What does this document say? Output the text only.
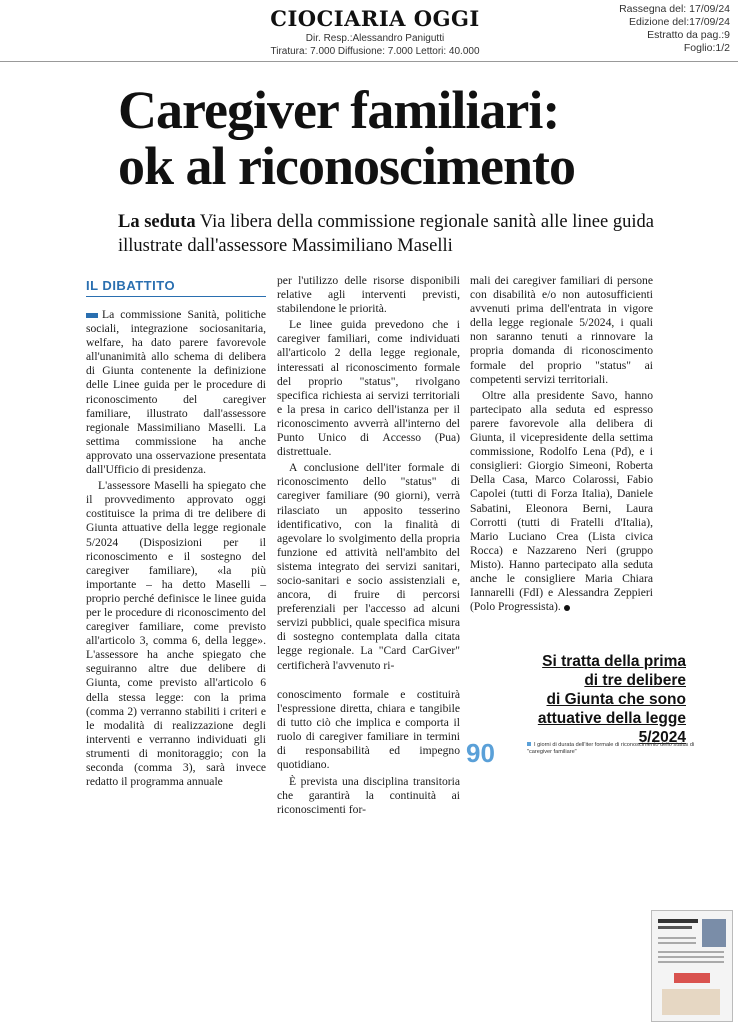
CIOCIARIA OGGI
Dir. Resp.:Alessandro Panigutti
Tiratura: 7.000 Diffusione: 7.000 Lettori: 40.000
Rassegna del: 17/09/24
Edizione del:17/09/24
Estratto da pag.:9
Foglio:1/2
Caregiver familiari:
ok al riconoscimento
La seduta Via libera della commissione regionale sanità alle linee guida illustrate dall'assessore Massimiliano Maselli
IL DIBATTITO

La commissione Sanità, politiche sociali, integrazione sociosanitaria, welfare, ha dato parere favorevole all'unanimità allo schema di delibera di Giunta contenente la definizione delle Linee guida per le procedure di riconoscimento del caregiver familiare, illustrato dall'assessore regionale Massimiliano Maselli. La settima commissione ha anche approvato una osservazione presentata dall'Ufficio di presidenza.

L'assessore Maselli ha spiegato che il provvedimento approvato oggi costituisce la prima di tre delibere di Giunta attuative della legge regionale 5/2024 (Disposizioni per il riconoscimento e il sostegno del caregiver familiare), «la più importante – ha detto Maselli – proprio perché definisce le linee guida per le procedure di riconoscimento del caregiver familiare, come previsto all'articolo 3, comma 6, della legge». L'assessore ha anche spiegato che seguiranno altre due delibere di Giunta, come previsto all'articolo 6 della stessa legge: con la prima (comma 2) verranno stabiliti i criteri e le modalità di realizzazione degli interventi e verranno individuati gli strumenti di monitoraggio; con la seconda (comma 3), sarà invece redatto il programma annuale

per l'utilizzo delle risorse disponibili relative agli interventi previsti, stabilendone le priorità.

Le linee guida prevedono che i caregiver familiari, come individuati all'articolo 2 della legge regionale, interessati al riconoscimento formale del proprio "status", rivolgano specifica richiesta ai servizi territoriali e la presa in carico dell'istanza per il riconoscimento avverrà all'interno del Punto Unico di Accesso (Pua) distrettuale.

A conclusione dell'iter formale di riconoscimento dello "status" di caregiver familiare (90 giorni), verrà rilasciato un apposito tesserino identificativo, con la finalità di agevolare lo svolgimento della propria funzione ed attività nell'ambito del sistema integrato dei servizi sanitari, socio-sanitari e socio assistenziali e, ancora, di fruire di percorsi preferenziali per l'accesso ad alcuni servizi pubblici, quale specifica misura di sostegno contemplata dalla citata legge regionale. La "Card CarGiver" certificherà l'avvenuto ri-

conoscimento formale e costituirà l'espressione diretta, chiara e tangibile di tutto ciò che implica e comporta il ruolo di caregiver familiare in termini di responsabilità ed impegno quotidiano.

È prevista una disciplina transitoria che garantirà la continuità ai riconoscimenti for-

mali dei caregiver familiari di persone con disabilità e/o non autosufficienti avvenuti prima dell'entrata in vigore della legge regionale 5/2024, i quali non saranno tenuti a rinnovare la propria domanda di riconoscimento formale del proprio "status" ai competenti servizi territoriali.

Oltre alla presidente Savo, hanno partecipato alla seduta ed espresso parere favorevole alla delibera di Giunta, il vicepresidente della settima commissione, Rodolfo Lena (Pd), e i consiglieri: Giorgio Simeoni, Roberta Della Casa, Marco Colarossi, Fabio Capolei (tutti di Forza Italia), Daniele Sabatini, Eleonora Berni, Laura Corrotti (tutti di Fratelli d'Italia), Mario Luciano Crea (Lista civica Rocca) e Nazzareno Neri (gruppo Misto). Hanno partecipato alla seduta anche le consigliere Maria Chiara Iannarelli (FdI) e Alessandra Zeppieri (Polo Progressista).

Si tratta della prima
di tre delibere
di Giunta che sono
attuative della legge
5/2024
90	I giorni di durata dell'iter formale di riconoscimento dello status di "caregiver familiare"
